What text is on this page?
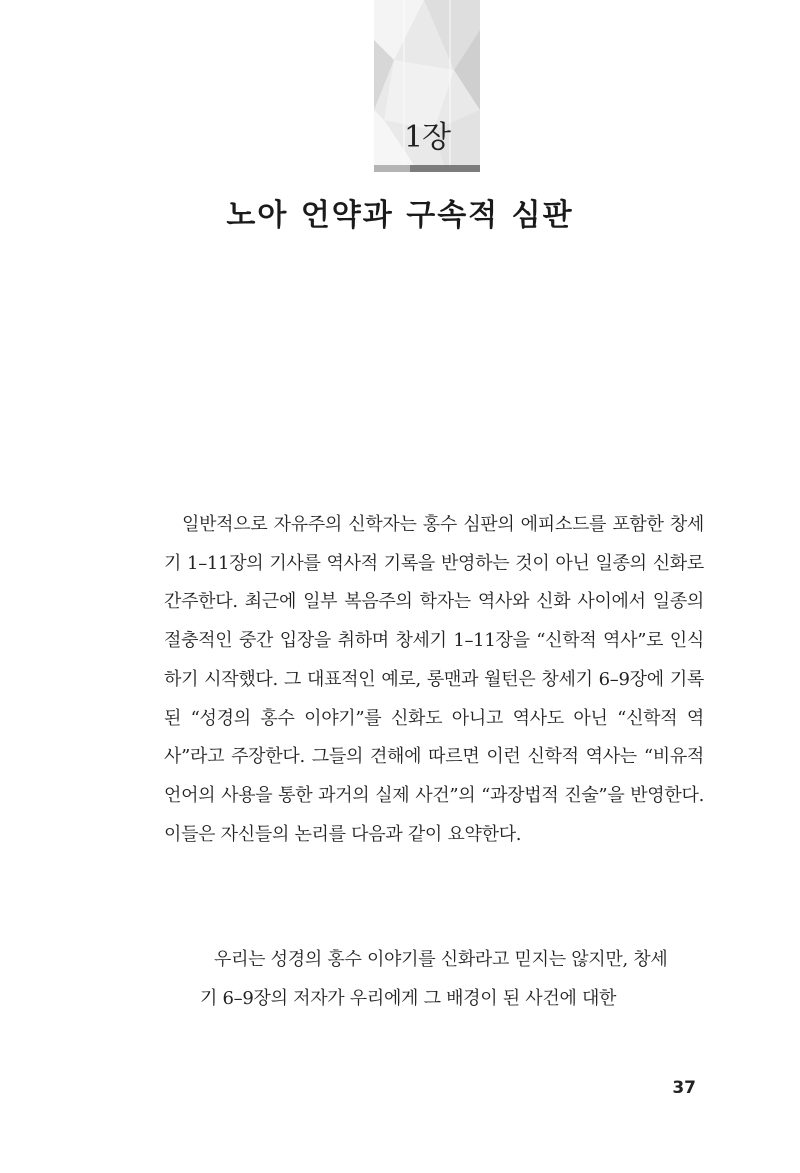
1장
노아 언약과 구속적 심판

일반적으로 자유주의 신학자는 홍수 심판의 에피소드를 포함한 창세기 1–11장의 기사를 역사적 기록을 반영하는 것이 아닌 일종의 신화로 간주한다. 최근에 일부 복음주의 학자는 역사와 신화 사이에서 일종의 절충적인 중간 입장을 취하며 창세기 1–11장을 “신학적 역사”로 인식하기 시작했다. 그 대표적인 예로, 롱맨과 월턴은 창세기 6–9장에 기록된 “성경의 홍수 이야기”를 신화도 아니고 역사도 아닌 “신학적 역사”라고 주장한다. 그들의 견해에 따르면 이런 신학적 역사는 “비유적 언어의 사용을 통한 과거의 실제 사건”의 “과장법적 진술”을 반영한다. 이들은 자신들의 논리를 다음과 같이 요약한다.

우리는 성경의 홍수 이야기를 신화라고 믿지는 않지만, 창세기 6–9장의 저자가 우리에게 그 배경이 된 사건에 대한

37
